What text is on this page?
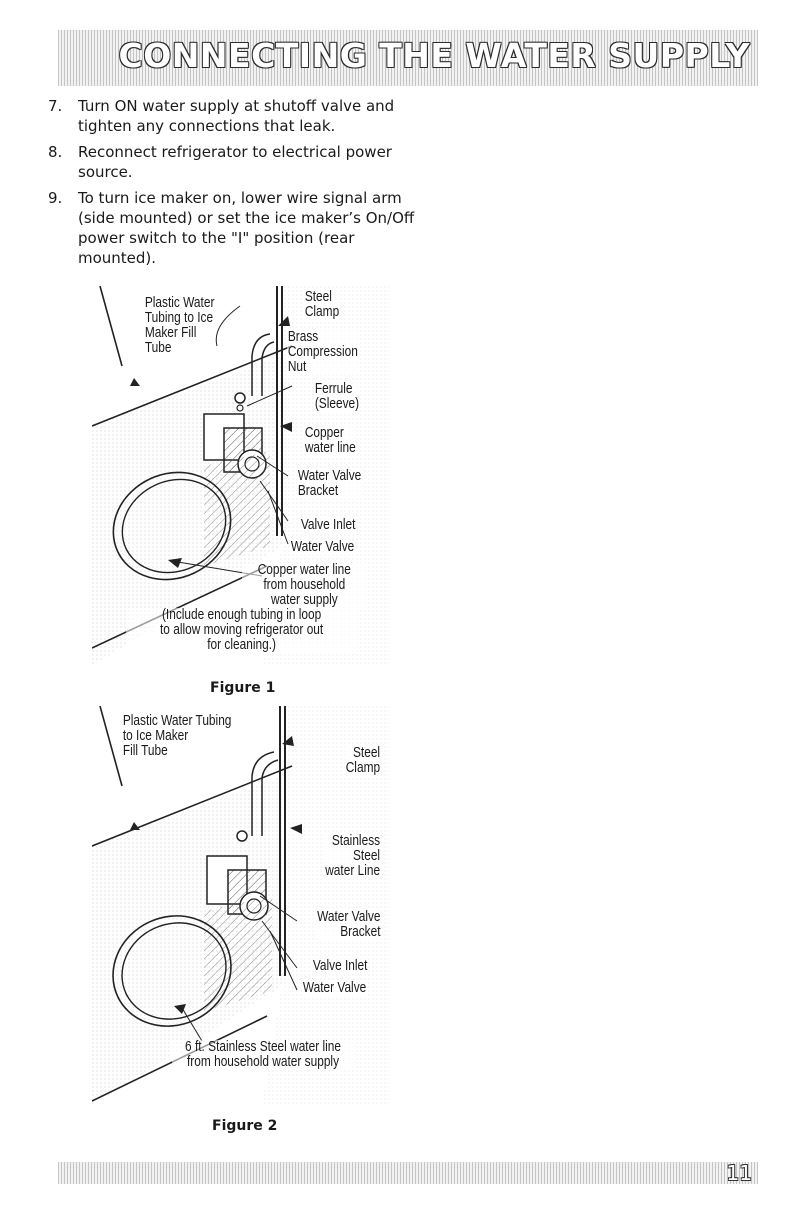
CONNECTING THE WATER SUPPLY
7.	Turn ON water supply at shutoff valve and tighten any connections that leak.
8.	Reconnect refrigerator to electrical power source.
9.	To turn ice maker on, lower wire signal arm (side mounted) or set the ice maker’s On/Off power switch to the "I" position (rear mounted).
Plastic Water
Tubing to Ice
Maker Fill
Tube
Steel
Clamp
Brass
Compression
Nut
Ferrule
(Sleeve)
Copper
water line
Water Valve
Bracket
Valve Inlet
Water Valve
Copper water line
from household
water supply
(Include enough tubing in loop
to allow moving refrigerator out
for cleaning.)
Figure 1
Plastic Water Tubing
to Ice Maker
Fill Tube	Steel
Clamp
Stainless
Steel
water Line
Water Valve
Bracket
Valve Inlet
Water Valve
6 ft. Stainless Steel water line
from household water supply
Figure 2
11
